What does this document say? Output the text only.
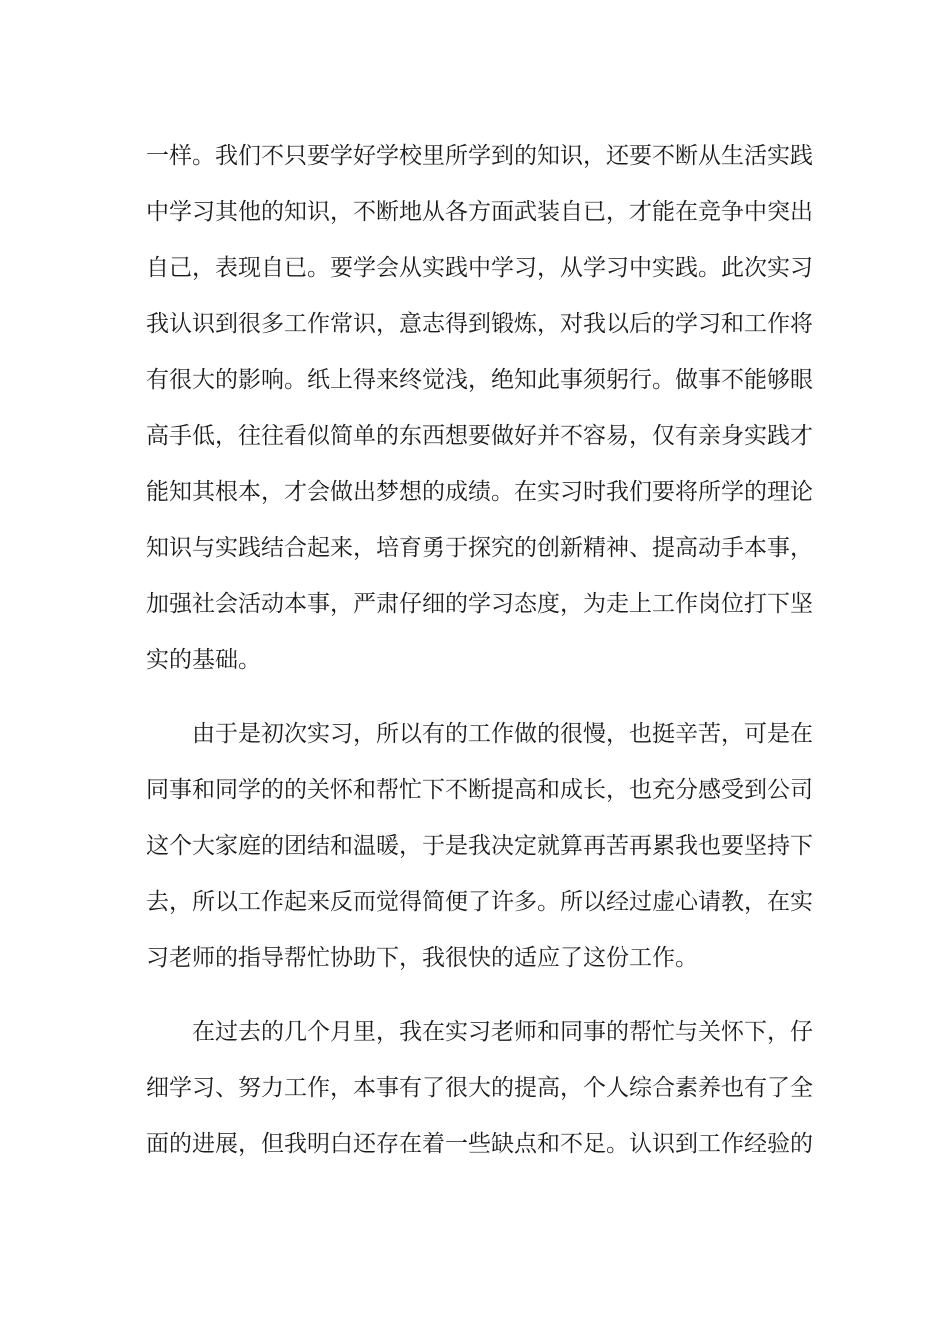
一样。我们不只要学好学校里所学到的知识，还要不断从生活实践
中学习其他的知识，不断地从各方面武装自已，才能在竞争中突出
自己，表现自已。要学会从实践中学习，从学习中实践。此次实习
我认识到很多工作常识，意志得到锻炼，对我以后的学习和工作将
有很大的影响。纸上得来终觉浅，绝知此事须躬行。做事不能够眼
高手低，往往看似简单的东西想要做好并不容易，仅有亲身实践才
能知其根本，才会做出梦想的成绩。在实习时我们要将所学的理论
知识与实践结合起来，培育勇于探究的创新精神、提高动手本事，
加强社会活动本事，严肃仔细的学习态度，为走上工作岗位打下坚
实的基础。
由于是初次实习，所以有的工作做的很慢，也挺辛苦，可是在
同事和同学的的关怀和帮忙下不断提高和成长，也充分感受到公司
这个大家庭的团结和温暖，于是我决定就算再苦再累我也要坚持下
去，所以工作起来反而觉得简便了许多。所以经过虚心请教，在实
习老师的指导帮忙协助下，我很快的适应了这份工作。
在过去的几个月里，我在实习老师和同事的帮忙与关怀下，仔
细学习、努力工作，本事有了很大的提高，个人综合素养也有了全
面的进展，但我明白还存在着一些缺点和不足。认识到工作经验的
